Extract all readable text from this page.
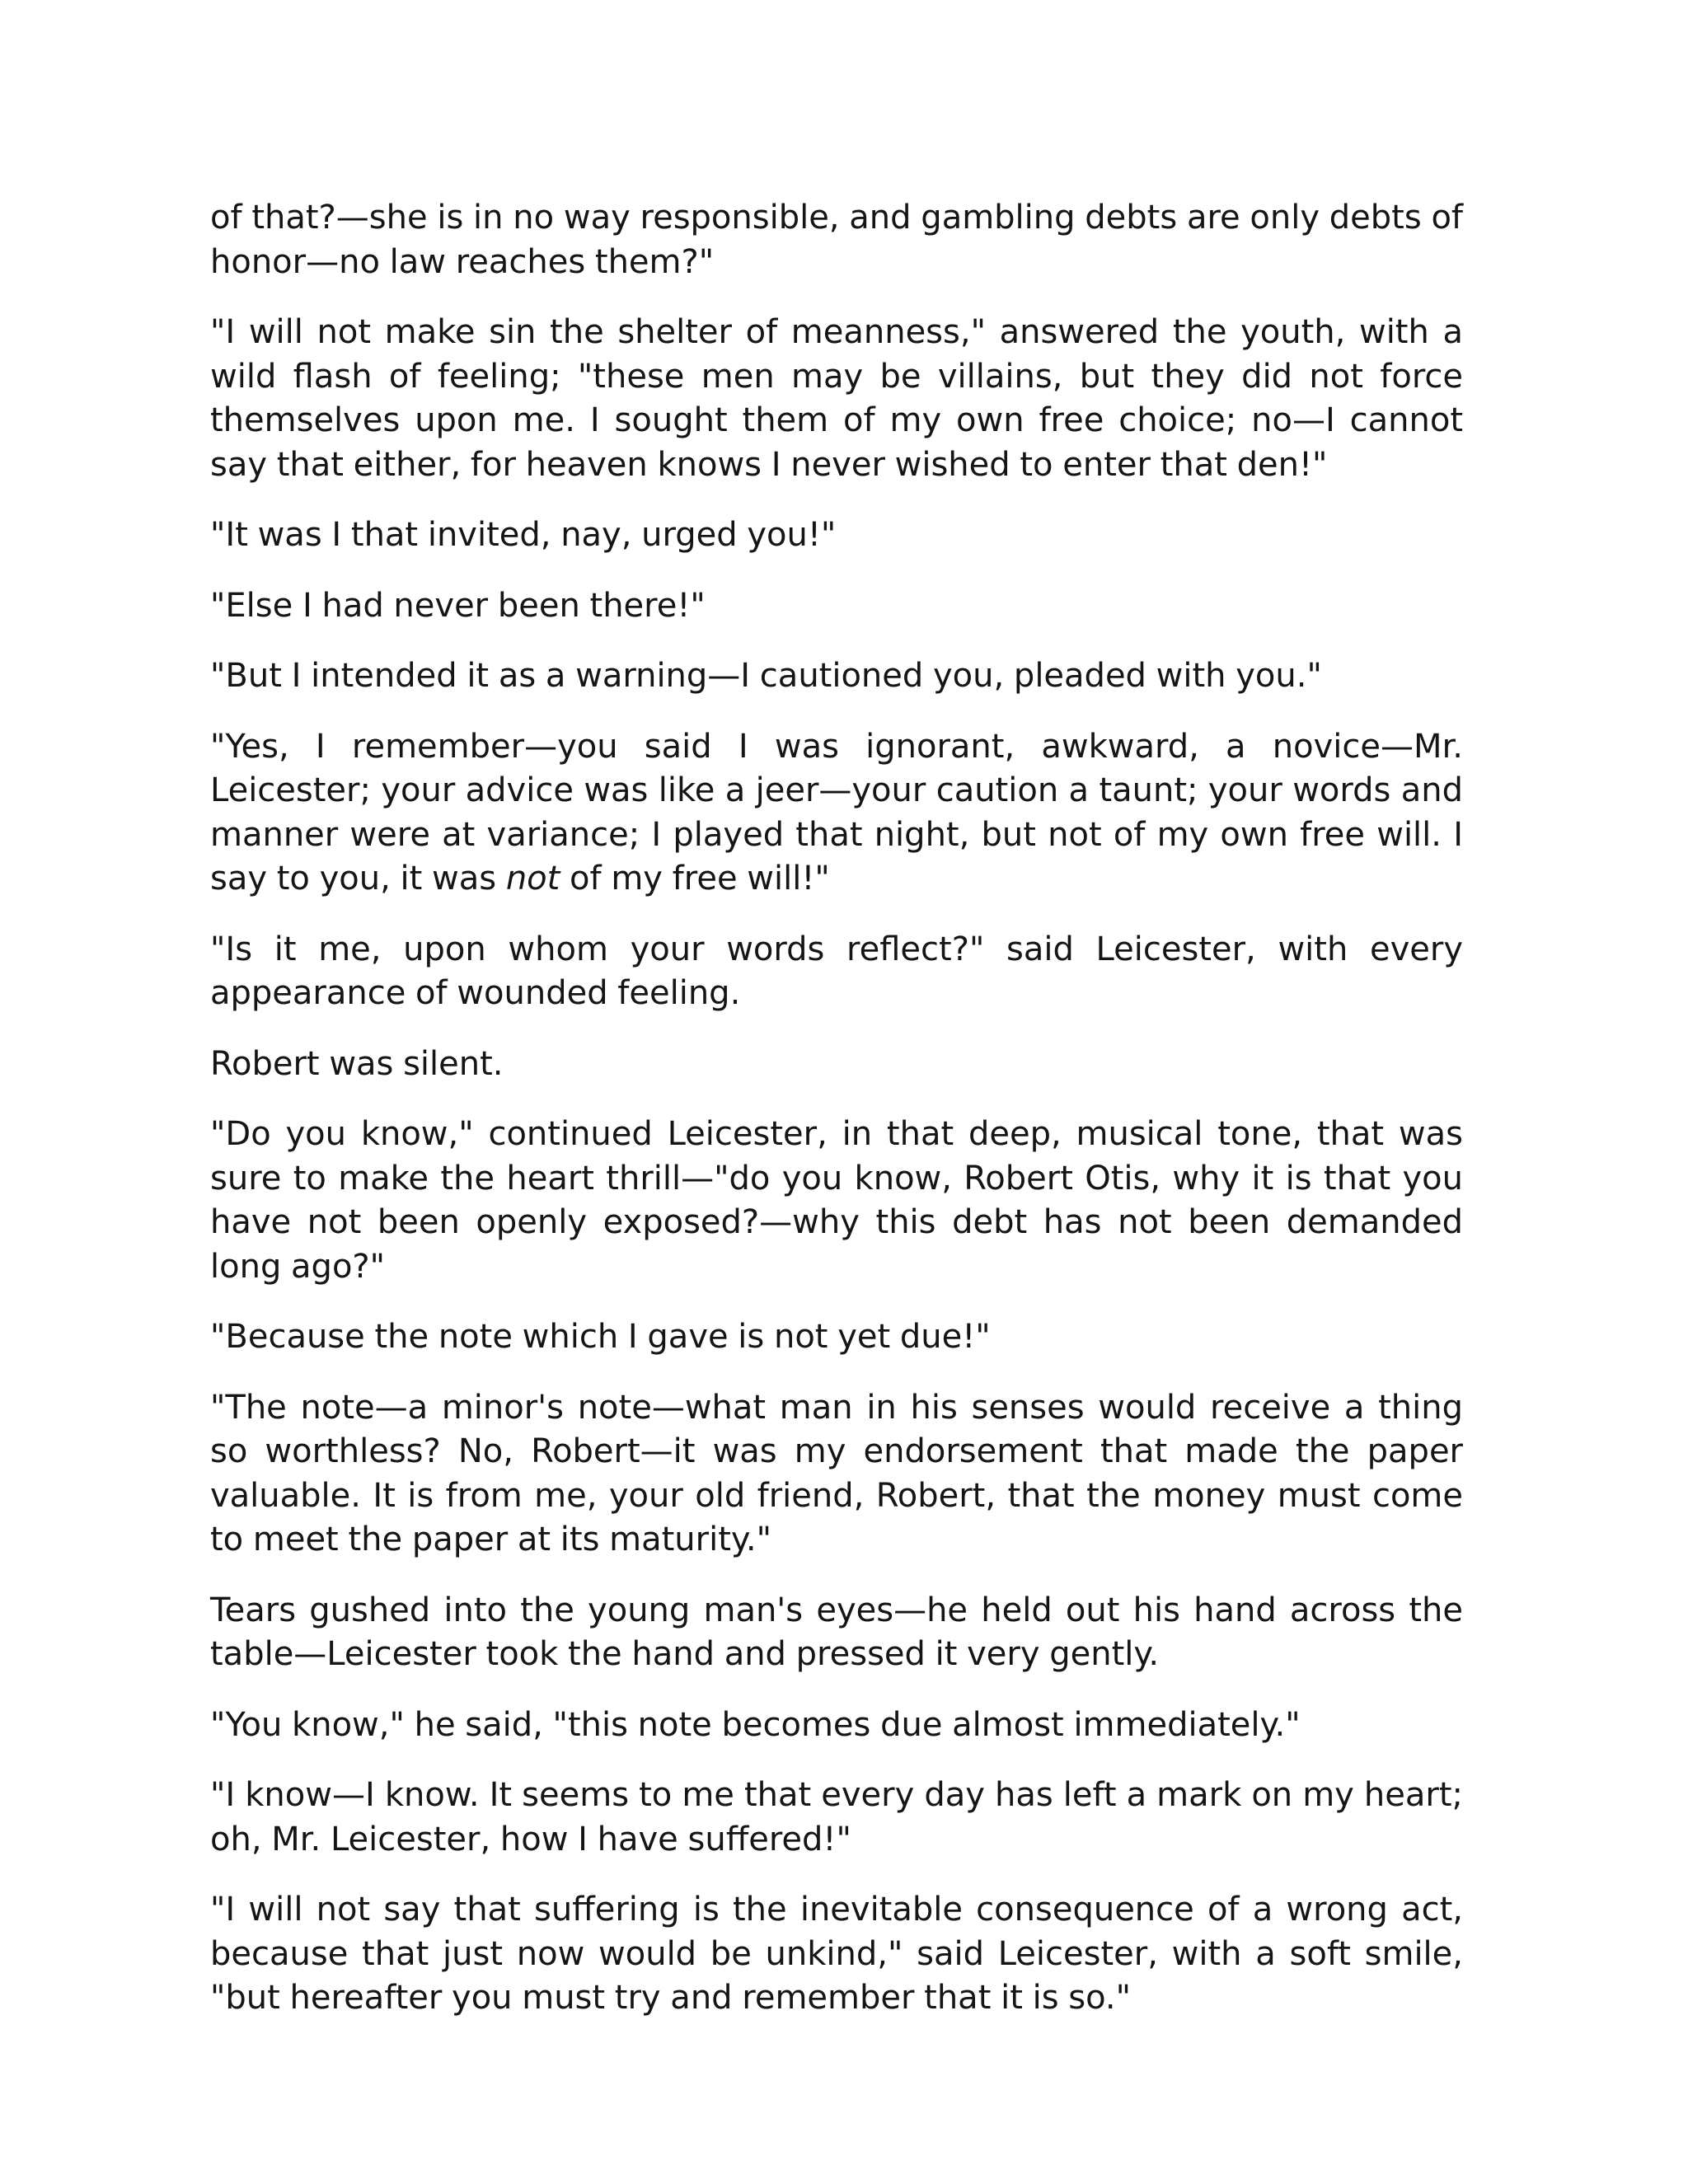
of that?—she is in no way responsible, and gambling debts are only debts of honor—no law reaches them?"

"I will not make sin the shelter of meanness," answered the youth, with a wild flash of feeling; "these men may be villains, but they did not force themselves upon me. I sought them of my own free choice; no—I cannot say that either, for heaven knows I never wished to enter that den!"

"It was I that invited, nay, urged you!"

"Else I had never been there!"

"But I intended it as a warning—I cautioned you, pleaded with you."

"Yes, I remember—you said I was ignorant, awkward, a novice—Mr. Leicester; your advice was like a jeer—your caution a taunt; your words and manner were at variance; I played that night, but not of my own free will. I say to you, it was not of my free will!"

"Is it me, upon whom your words reflect?" said Leicester, with every appearance of wounded feeling.

Robert was silent.

"Do you know," continued Leicester, in that deep, musical tone, that was sure to make the heart thrill—"do you know, Robert Otis, why it is that you have not been openly exposed?—why this debt has not been demanded long ago?"

"Because the note which I gave is not yet due!"

"The note—a minor's note—what man in his senses would receive a thing so worthless? No, Robert—it was my endorsement that made the paper valuable. It is from me, your old friend, Robert, that the money must come to meet the paper at its maturity."

Tears gushed into the young man's eyes—he held out his hand across the table—Leicester took the hand and pressed it very gently.

"You know," he said, "this note becomes due almost immediately."

"I know—I know. It seems to me that every day has left a mark on my heart; oh, Mr. Leicester, how I have suffered!"

"I will not say that suffering is the inevitable consequence of a wrong act, because that just now would be unkind," said Leicester, with a soft smile, "but hereafter you must try and remember that it is so."
